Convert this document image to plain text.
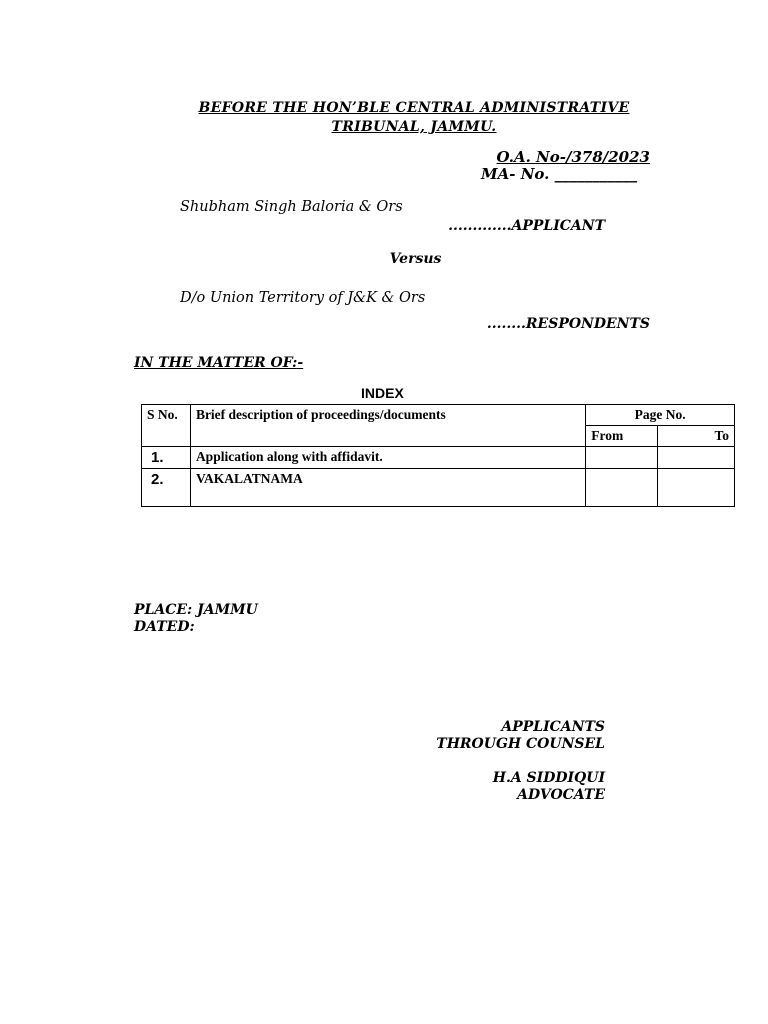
BEFORE THE HON’BLE CENTRAL ADMINISTRATIVE
TRIBUNAL, JAMMU.
O.A. No-/378/2023
MA- No. ___________
Shubham Singh Baloria & Ors
.............APPLICANT
Versus
D/o Union Territory of J&K & Ors
........RESPONDENTS
IN THE MATTER OF:-
INDEX
S No.	Brief description of proceedings/documents	Page No.	
		From	To
1.	Application along with affidavit.		
2.	VAKALATNAMA		
PLACE: JAMMU
DATED:
APPLICANTS
THROUGH COUNSEL
H.A SIDDIQUI
ADVOCATE
